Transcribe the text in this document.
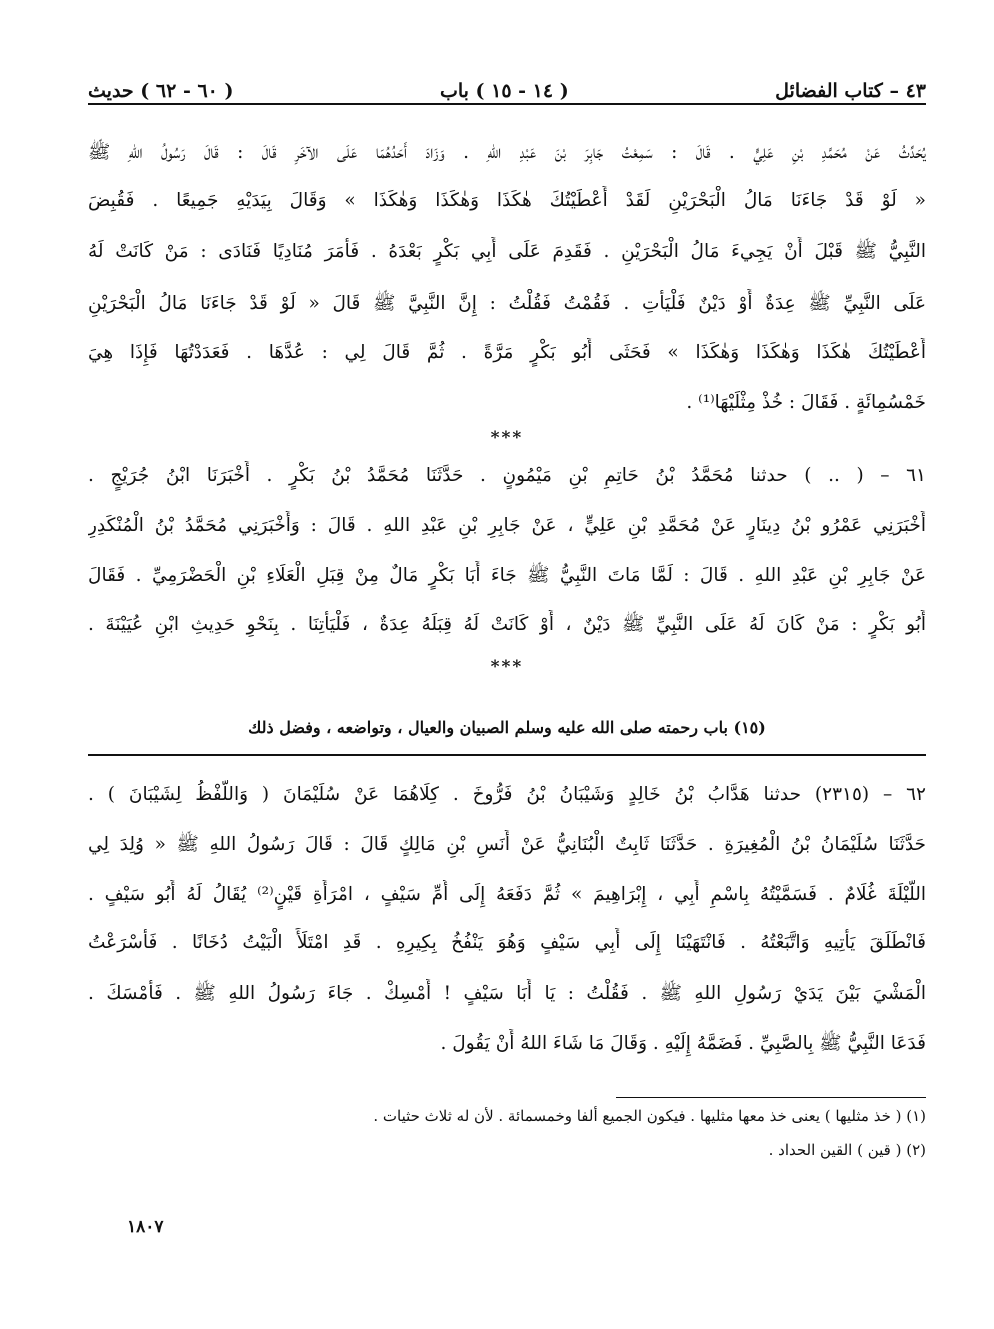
٤٣ – كتاب الفضائل
( ١٤ - ١٥ ) باب
( ٦٠ - ٦٢ ) حديث
يُحَدِّثُ عَنْ مُحَمَّدِ بْنِ عَلِيٍّ . قَالَ : سَمِعْتُ جَابِرَ بْنَ عَبْدِ اللهِ . وَزَادَ أَحَدُهُمَا عَلَى الآخَرِ قَالَ : قَالَ رَسُولُ اللهِ ﷺ
« لَوْ قَدْ جَاءَنَا مَالُ الْبَحْرَيْنِ لَقَدْ أَعْطَيْتُكَ هٰكَذَا وَهٰكَذَا وَهٰكَذَا » وَقَالَ بِيَدَيْهِ جَمِيعًا . فَقُبِضَ
النَّبِيُّ ﷺ قَبْلَ أَنْ يَجِيءَ مَالُ الْبَحْرَيْنِ . فَقَدِمَ عَلَى أَبِي بَكْرٍ بَعْدَهُ . فَأَمَرَ مُنَادِيًا فَنَادَى : مَنْ كَانَتْ لَهُ
عَلَى النَّبِيِّ ﷺ عِدَةٌ أَوْ دَيْنٌ فَلْيَأْتِ . فَقُمْتُ فَقُلْتُ : إِنَّ النَّبِيَّ ﷺ قَالَ « لَوْ قَدْ جَاءَنَا مَالُ الْبَحْرَيْنِ
أَعْطَيْتُكَ هٰكَذَا وَهٰكَذَا وَهٰكَذَا » فَحَثَى أَبُو بَكْرٍ مَرَّةً . ثُمَّ قَالَ لِي : عُدَّهَا . فَعَدَدْتُهَا فَإِذَا هِيَ
خَمْسُمِائَةٍ . فَقَالَ : خُذْ مِثْلَيْهَا⁽¹⁾ .
***
٦١ – ( .. ) حدثنا مُحَمَّدُ بْنُ حَاتِمِ بْنِ مَيْمُونٍ . حَدَّثَنَا مُحَمَّدُ بْنُ بَكْرٍ . أَخْبَرَنَا ابْنُ جُرَيْجٍ .
أَخْبَرَنِي عَمْرُو بْنُ دِينَارٍ عَنْ مُحَمَّدِ بْنِ عَلِيٍّ ، عَنْ جَابِرِ بْنِ عَبْدِ اللهِ . قَالَ : وَأَخْبَرَنِي مُحَمَّدُ بْنُ الْمُنْكَدِرِ
عَنْ جَابِرِ بْنِ عَبْدِ اللهِ . قَالَ : لَمَّا مَاتَ النَّبِيُّ ﷺ جَاءَ أَبَا بَكْرٍ مَالٌ مِنْ قِبَلِ الْعَلَاءِ بْنِ الْحَضْرَمِيِّ . فَقَالَ
أَبُو بَكْرٍ : مَنْ كَانَ لَهُ عَلَى النَّبِيِّ ﷺ دَيْنٌ ، أَوْ كَانَتْ لَهُ قِبَلَهُ عِدَةٌ ، فَلْيَأْتِنَا . بِنَحْوِ حَدِيثِ ابْنِ عُيَيْنَةَ .
***
(١٥) باب رحمته صلى الله عليه وسلم الصبيان والعيال ، وتواضعه ، وفضل ذلك
٦٢ – (٢٣١٥) حدثنا هَدَّابُ بْنُ خَالِدٍ وَشَيْبَانُ بْنُ فَرُّوخَ . كِلَاهُمَا عَنْ سُلَيْمَانَ ( وَاللَّفْظُ لِشَيْبَانَ ) .
حَدَّثَنَا سُلَيْمَانُ بْنُ الْمُغِيرَةِ . حَدَّثَنَا ثَابِتٌ الْبُنَانِيُّ عَنْ أَنَسِ بْنِ مَالِكٍ قَالَ : قَالَ رَسُولُ اللهِ ﷺ « وُلِدَ لِي
اللَّيْلَةَ غُلَامٌ . فَسَمَّيْتُهُ بِاسْمِ أَبِي ، إِبْرَاهِيمَ » ثُمَّ دَفَعَهُ إِلَى أُمِّ سَيْفٍ ، امْرَأَةِ قَيْنٍ⁽²⁾ يُقَالُ لَهُ أَبُو سَيْفٍ .
فَانْطَلَقَ يَأْتِيهِ وَاتَّبَعْتُهُ . فَانْتَهَيْنَا إِلَى أَبِي سَيْفٍ وَهُوَ يَنْفُخُ بِكِيرِهِ . قَدِ امْتَلَأَ الْبَيْتُ دُخَانًا . فَأَسْرَعْتُ
الْمَشْيَ بَيْنَ يَدَيْ رَسُولِ اللهِ ﷺ . فَقُلْتُ : يَا أَبَا سَيْفٍ ! أَمْسِكْ . جَاءَ رَسُولُ اللهِ ﷺ . فَأَمْسَكَ .
فَدَعَا النَّبِيُّ ﷺ بِالصَّبِيِّ . فَضَمَّهُ إِلَيْهِ . وَقَالَ مَا شَاءَ اللهُ أَنْ يَقُولَ .
(١) ( خذ مثليها ) يعنى خذ معها مثليها . فيكون الجميع ألفا وخمسمائة . لأن له ثلاث حثيات .
(٢) ( قين ) القين الحداد .
١٨٠٧
